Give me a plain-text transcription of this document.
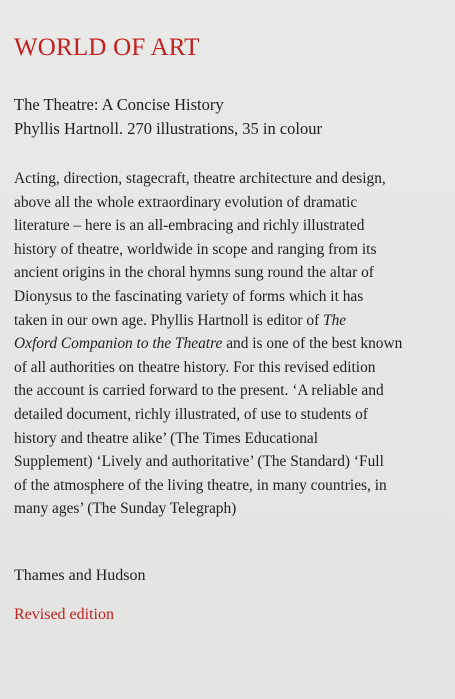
WORLD OF ART

The Theatre: A Concise History

Phyllis Hartnoll. 270 illustrations, 35 in colour

Acting, direction, stagecraft, theatre architecture and design,
above all the whole extraordinary evolution of dramatic
literature – here is an all-embracing and richly illustrated
history of theatre, worldwide in scope and ranging from its
ancient origins in the choral hymns sung round the altar of
Dionysus to the fascinating variety of forms which it has
taken in our own age. Phyllis Hartnoll is editor of The
Oxford Companion to the Theatre and is one of the best known
of all authorities on theatre history. For this revised edition
the account is carried forward to the present. ‘A reliable and
detailed document, richly illustrated, of use to students of
history and theatre alike’ (The Times Educational
Supplement) ‘Lively and authoritative’ (The Standard) ‘Full
of the atmosphere of the living theatre, in many countries, in
many ages’ (The Sunday Telegraph)

Thames and Hudson

Revised edition
